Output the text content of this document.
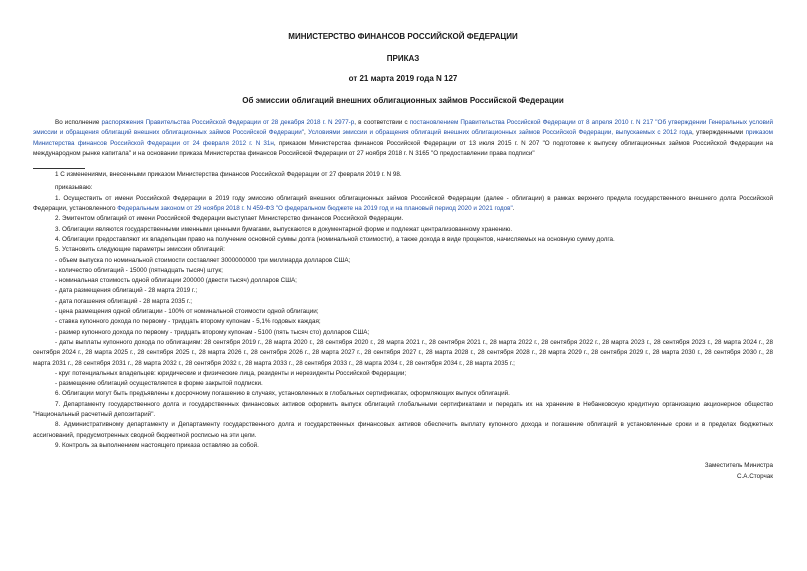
МИНИСТЕРСТВО ФИНАНСОВ РОССИЙСКОЙ ФЕДЕРАЦИИ
ПРИКАЗ
от 21 марта 2019 года N 127
Об эмиссии облигаций внешних облигационных займов Российской Федерации
Во исполнение распоряжения Правительства Российской Федерации от 28 декабря 2018 г. N 2977-р, в соответствии с постановлением Правительства Российской Федерации от 8 апреля 2010 г. N 217 "Об утверждении Генеральных условий эмиссии и обращения облигаций внешних облигационных займов Российской Федерации", Условиями эмиссии и обращения облигаций внешних облигационных займов Российской Федерации, выпускаемых с 2012 года, утвержденными приказом Министерства финансов Российской Федерации от 24 февраля 2012 г. N 31н, приказом Министерства финансов Российской Федерации от 13 июля 2015 г. N 207 "О подготовке к выпуску облигационных займов Российской Федерации на международном рынке капитала" и на основании приказа Министерства финансов Российской Федерации от 27 ноября 2018 г. N 3165 "О предоставлении права подписи"
1 С изменениями, внесенными приказом Министерства финансов Российской Федерации от 27 февраля 2019 г. N 98.
приказываю:
1. Осуществить от имени Российской Федерации в 2019 году эмиссию облигаций внешних облигационных займов Российской Федерации (далее - облигации) в рамках верхнего предела государственного внешнего долга Российской Федерации, установленного Федеральным законом от 29 ноября 2018 г. N 459-ФЗ "О федеральном бюджете на 2019 год и на плановый период 2020 и 2021 годов".
2. Эмитентом облигаций от имени Российской Федерации выступает Министерство финансов Российской Федерации.
3. Облигации являются государственными именными ценными бумагами, выпускаются в документарной форме и подлежат централизованному хранению.
4. Облигации предоставляют их владельцам право на получение основной суммы долга (номинальной стоимости), а также дохода в виде процентов, начисляемых на основную сумму долга.
5. Установить следующие параметры эмиссии облигаций:
- объем выпуска по номинальной стоимости составляет 3000000000 три миллиарда долларов США;
- количество облигаций - 15000 (пятнадцать тысяч) штук;
- номинальная стоимость одной облигации 200000 (двести тысяч) долларов США;
- дата размещения облигаций - 28 марта 2019 г.;
- дата погашения облигаций - 28 марта 2035 г.;
- цена размещения одной облигации - 100% от номинальной стоимости одной облигации;
- ставка купонного дохода по первому - тридцать второму купонам - 5,1% годовых каждая;
- размер купонного дохода по первому - тридцать второму купонам - 5100 (пять тысяч сто) долларов США;
- даты выплаты купонного дохода по облигациям: 28 сентября 2019 г., 28 марта 2020 г., 28 сентября 2020 г., 28 марта 2021 г., 28 сентября 2021 г., 28 марта 2022 г., 28 сентября 2022 г., 28 марта 2023 г., 28 сентября 2023 г., 28 марта 2024 г., 28 сентября 2024 г., 28 марта 2025 г., 28 сентября 2025 г., 28 марта 2026 г., 28 сентября 2026 г., 28 марта 2027 г., 28 сентября 2027 г., 28 марта 2028 г., 28 сентября 2028 г., 28 марта 2029 г., 28 сентября 2029 г., 28 марта 2030 г., 28 сентября 2030 г., 28 марта 2031 г., 28 сентября 2031 г., 28 марта 2032 г., 28 сентября 2032 г., 28 марта 2033 г., 28 сентября 2033 г., 28 марта 2034 г., 28 сентября 2034 г., 28 марта 2035 г.;
- круг потенциальных владельцев: юридические и физические лица, резиденты и нерезиденты Российской Федерации;
- размещение облигаций осуществляется в форме закрытой подписки.
6. Облигации могут быть предъявлены к досрочному погашению в случаях, установленных в глобальных сертификатах, оформляющих выпуск облигаций.
7. Департаменту государственного долга и государственных финансовых активов оформить выпуск облигаций глобальными сертификатами и передать их на хранение в Небанковскую кредитную организацию акционерное общество "Национальный расчетный депозитарий".
8. Административному департаменту и Департаменту государственного долга и государственных финансовых активов обеспечить выплату купонного дохода и погашение облигаций в установленные сроки и в пределах бюджетных ассигнований, предусмотренных сводной бюджетной росписью на эти цели.
9. Контроль за выполнением настоящего приказа оставляю за собой.
Заместитель Министра
С.А.Сторчак
